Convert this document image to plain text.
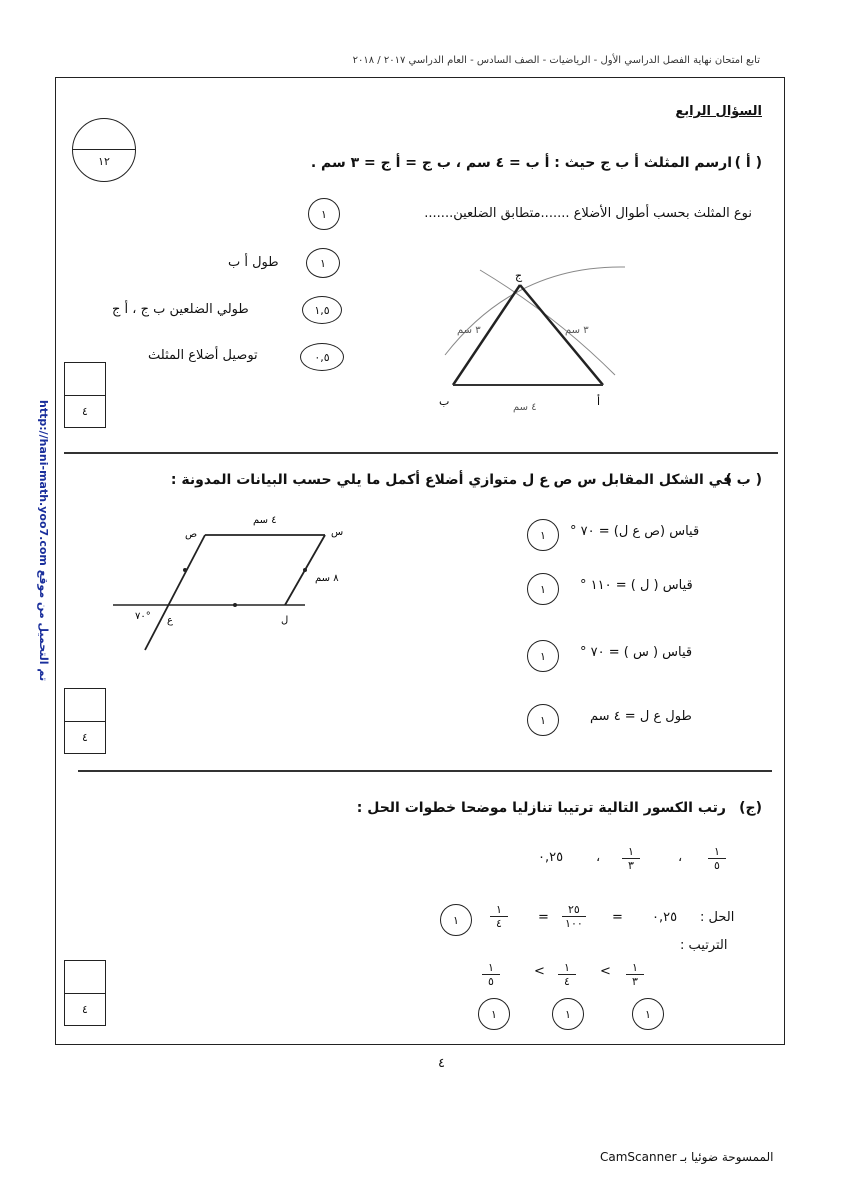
تابع امتحان نهاية الفصل الدراسي الأول - الرياضيات - الصف السادس - العام الدراسي ٢٠١٧ / ٢٠١٨
http://hani-math.yoo7.com تم التحميل من موقع
١٢
السؤال الرابع
( أ )
ارسم المثلث أ ب ج حيث : أ ب = ٤ سم ، ب ج = أ ج = ٣ سم .
نوع المثلث بحسب أطوال الأضلاع .......متطابق الضلعين.......
١
طول أ ب	١
طولي الضلعين ب ج ، أ ج	١,٥
توصيل أضلاع المثلث	٠,٥
٤
ج
ب	أ
٣ سم	٣ سم
٤ سم
( ب )
في الشكل المقابل س ص ع ل متوازي أضلاع أكمل ما يلي حسب البيانات المدونة :
قياس (ص ع ل) = ٧٠ °
١
قياس ( ل ) = ١١٠ °
١
قياس ( س ) = ٧٠ °
١
طول ع ل = ٤ سم
١
٤
ص	س
ع	ل
٤ سم
٨ سم
٧٠°
(ج)
رتب الكسور التالية ترتيبا تنازليا موضحا خطوات الحل :
$\frac{١}{٥}$
،
$\frac{١}{٣}$
،
٠,٢٥
الحل :
٠,٢٥
=
$\frac{٢٥}{١٠٠}$
=
$\frac{١}{٤}$
١
الترتيب :
$\frac{١}{٣}$
<
$\frac{١}{٤}$
<
$\frac{١}{٥}$
١
١
١
٤
٤
الممسوحة ضوئيا بـ CamScanner
